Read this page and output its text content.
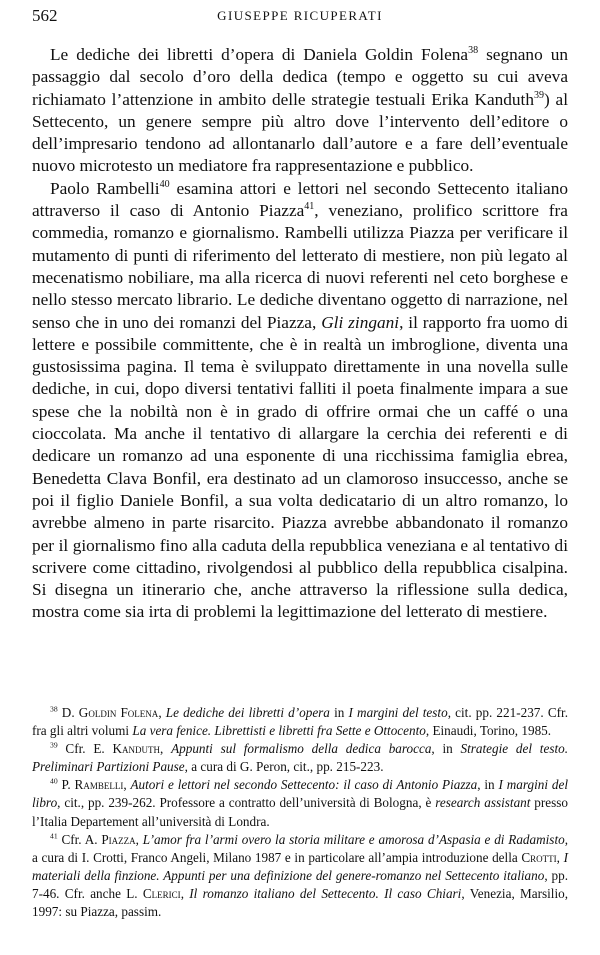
562	GIUSEPPE RICUPERATI

Le dediche dei libretti d’opera di Daniela Goldin Folena$^{38}$ segnano un passaggio dal secolo d’oro della dedica (tempo e oggetto su cui aveva richiamato l’attenzione in ambito delle strategie testuali Erika Kanduth$^{39}$) al Settecento, un genere sempre più altro dove l’intervento dell’editore o dell’impresario tendono ad allontanarlo dall’autore e a fare dell’eventuale nuovo microtesto un mediatore fra rappresentazione e pubblico.

Paolo Rambelli$^{40}$ esamina attori e lettori nel secondo Settecento italiano attraverso il caso di Antonio Piazza$^{41}$, veneziano, prolifico scrittore fra commedia, romanzo e giornalismo. Rambelli utilizza Piazza per verificare il mutamento di punti di riferimento del letterato di mestiere, non più legato al mecenatismo nobiliare, ma alla ricerca di nuovi referenti nel ceto borghese e nello stesso mercato librario. Le dediche diventano oggetto di narrazione, nel senso che in uno dei romanzi del Piazza, Gli zingani, il rapporto fra uomo di lettere e possibile committente, che è in realtà un imbroglione, diventa una gustosissima pagina. Il tema è sviluppato direttamente in una novella sulle dediche, in cui, dopo diversi tentativi falliti il poeta finalmente impara a sue spese che la nobiltà non è in grado di offrire ormai che un caffé o una cioccolata. Ma anche il tentativo di allargare la cerchia dei referenti e di dedicare un romanzo ad una esponente di una ricchissima famiglia ebrea, Benedetta Clava Bonfil, era destinato ad un clamoroso insuccesso, anche se poi il figlio Daniele Bonfil, a sua volta dedicatario di un altro romanzo, lo avrebbe almeno in parte risarcito. Piazza avrebbe abbandonato il romanzo per il giornalismo fino alla caduta della repubblica veneziana e al tentativo di scrivere come cittadino, rivolgendosi al pubblico della repubblica cisalpina. Si disegna un itinerario che, anche attraverso la riflessione sulla dedica, mostra come sia irta di problemi la legittimazione del letterato di mestiere.

$^{38}$ D. Goldin Folena, Le dediche dei libretti d’opera in I margini del testo, cit. pp. 221-237. Cfr. fra gli altri volumi La vera fenice. Librettisti e libretti fra Sette e Ottocento, Einaudi, Torino, 1985.

$^{39}$ Cfr. E. Kanduth, Appunti sul formalismo della dedica barocca, in Strategie del testo. Preliminari Partizioni Pause, a cura di G. Peron, cit., pp. 215-223.

$^{40}$ P. Rambelli, Autori e lettori nel secondo Settecento: il caso di Antonio Piazza, in I margini del libro, cit., pp. 239-262. Professore a contratto dell’università di Bologna, è research assistant presso l’Italia Departement all’università di Londra.

$^{41}$ Cfr. A. Piazza, L’amor fra l’armi overo la storia militare e amorosa d’Aspasia e di Radamisto, a cura di I. Crotti, Franco Angeli, Milano 1987 e in particolare all’ampia introduzione della Crotti, I materiali della finzione. Appunti per una definizione del genere-romanzo nel Settecento italiano, pp. 7-46. Cfr. anche L. Clerici, Il romanzo italiano del Settecento. Il caso Chiari, Venezia, Marsilio, 1997: su Piazza, passim.
